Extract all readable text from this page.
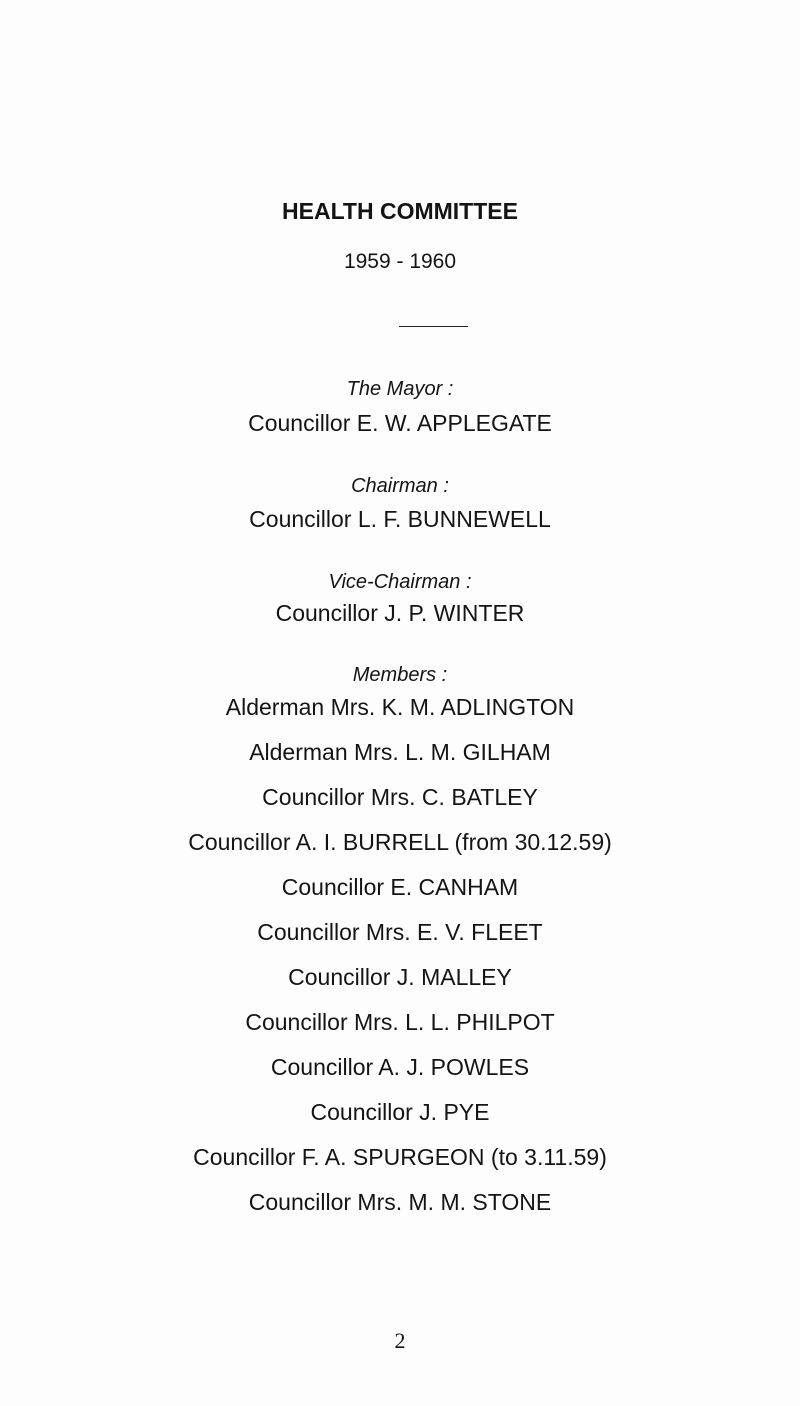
HEALTH COMMITTEE
1959 - 1960
The Mayor :
Councillor E. W. APPLEGATE
Chairman :
Councillor L. F. BUNNEWELL
Vice-Chairman :
Councillor J. P. WINTER
Members :
Alderman Mrs. K. M. ADLINGTON
Alderman Mrs. L. M. GILHAM
Councillor Mrs. C. BATLEY
Councillor A. I. BURRELL (from 30.12.59)
Councillor E. CANHAM
Councillor Mrs. E. V. FLEET
Councillor J. MALLEY
Councillor Mrs. L. L. PHILPOT
Councillor A. J. POWLES
Councillor J. PYE
Councillor F. A. SPURGEON (to 3.11.59)
Councillor Mrs. M. M. STONE
2
